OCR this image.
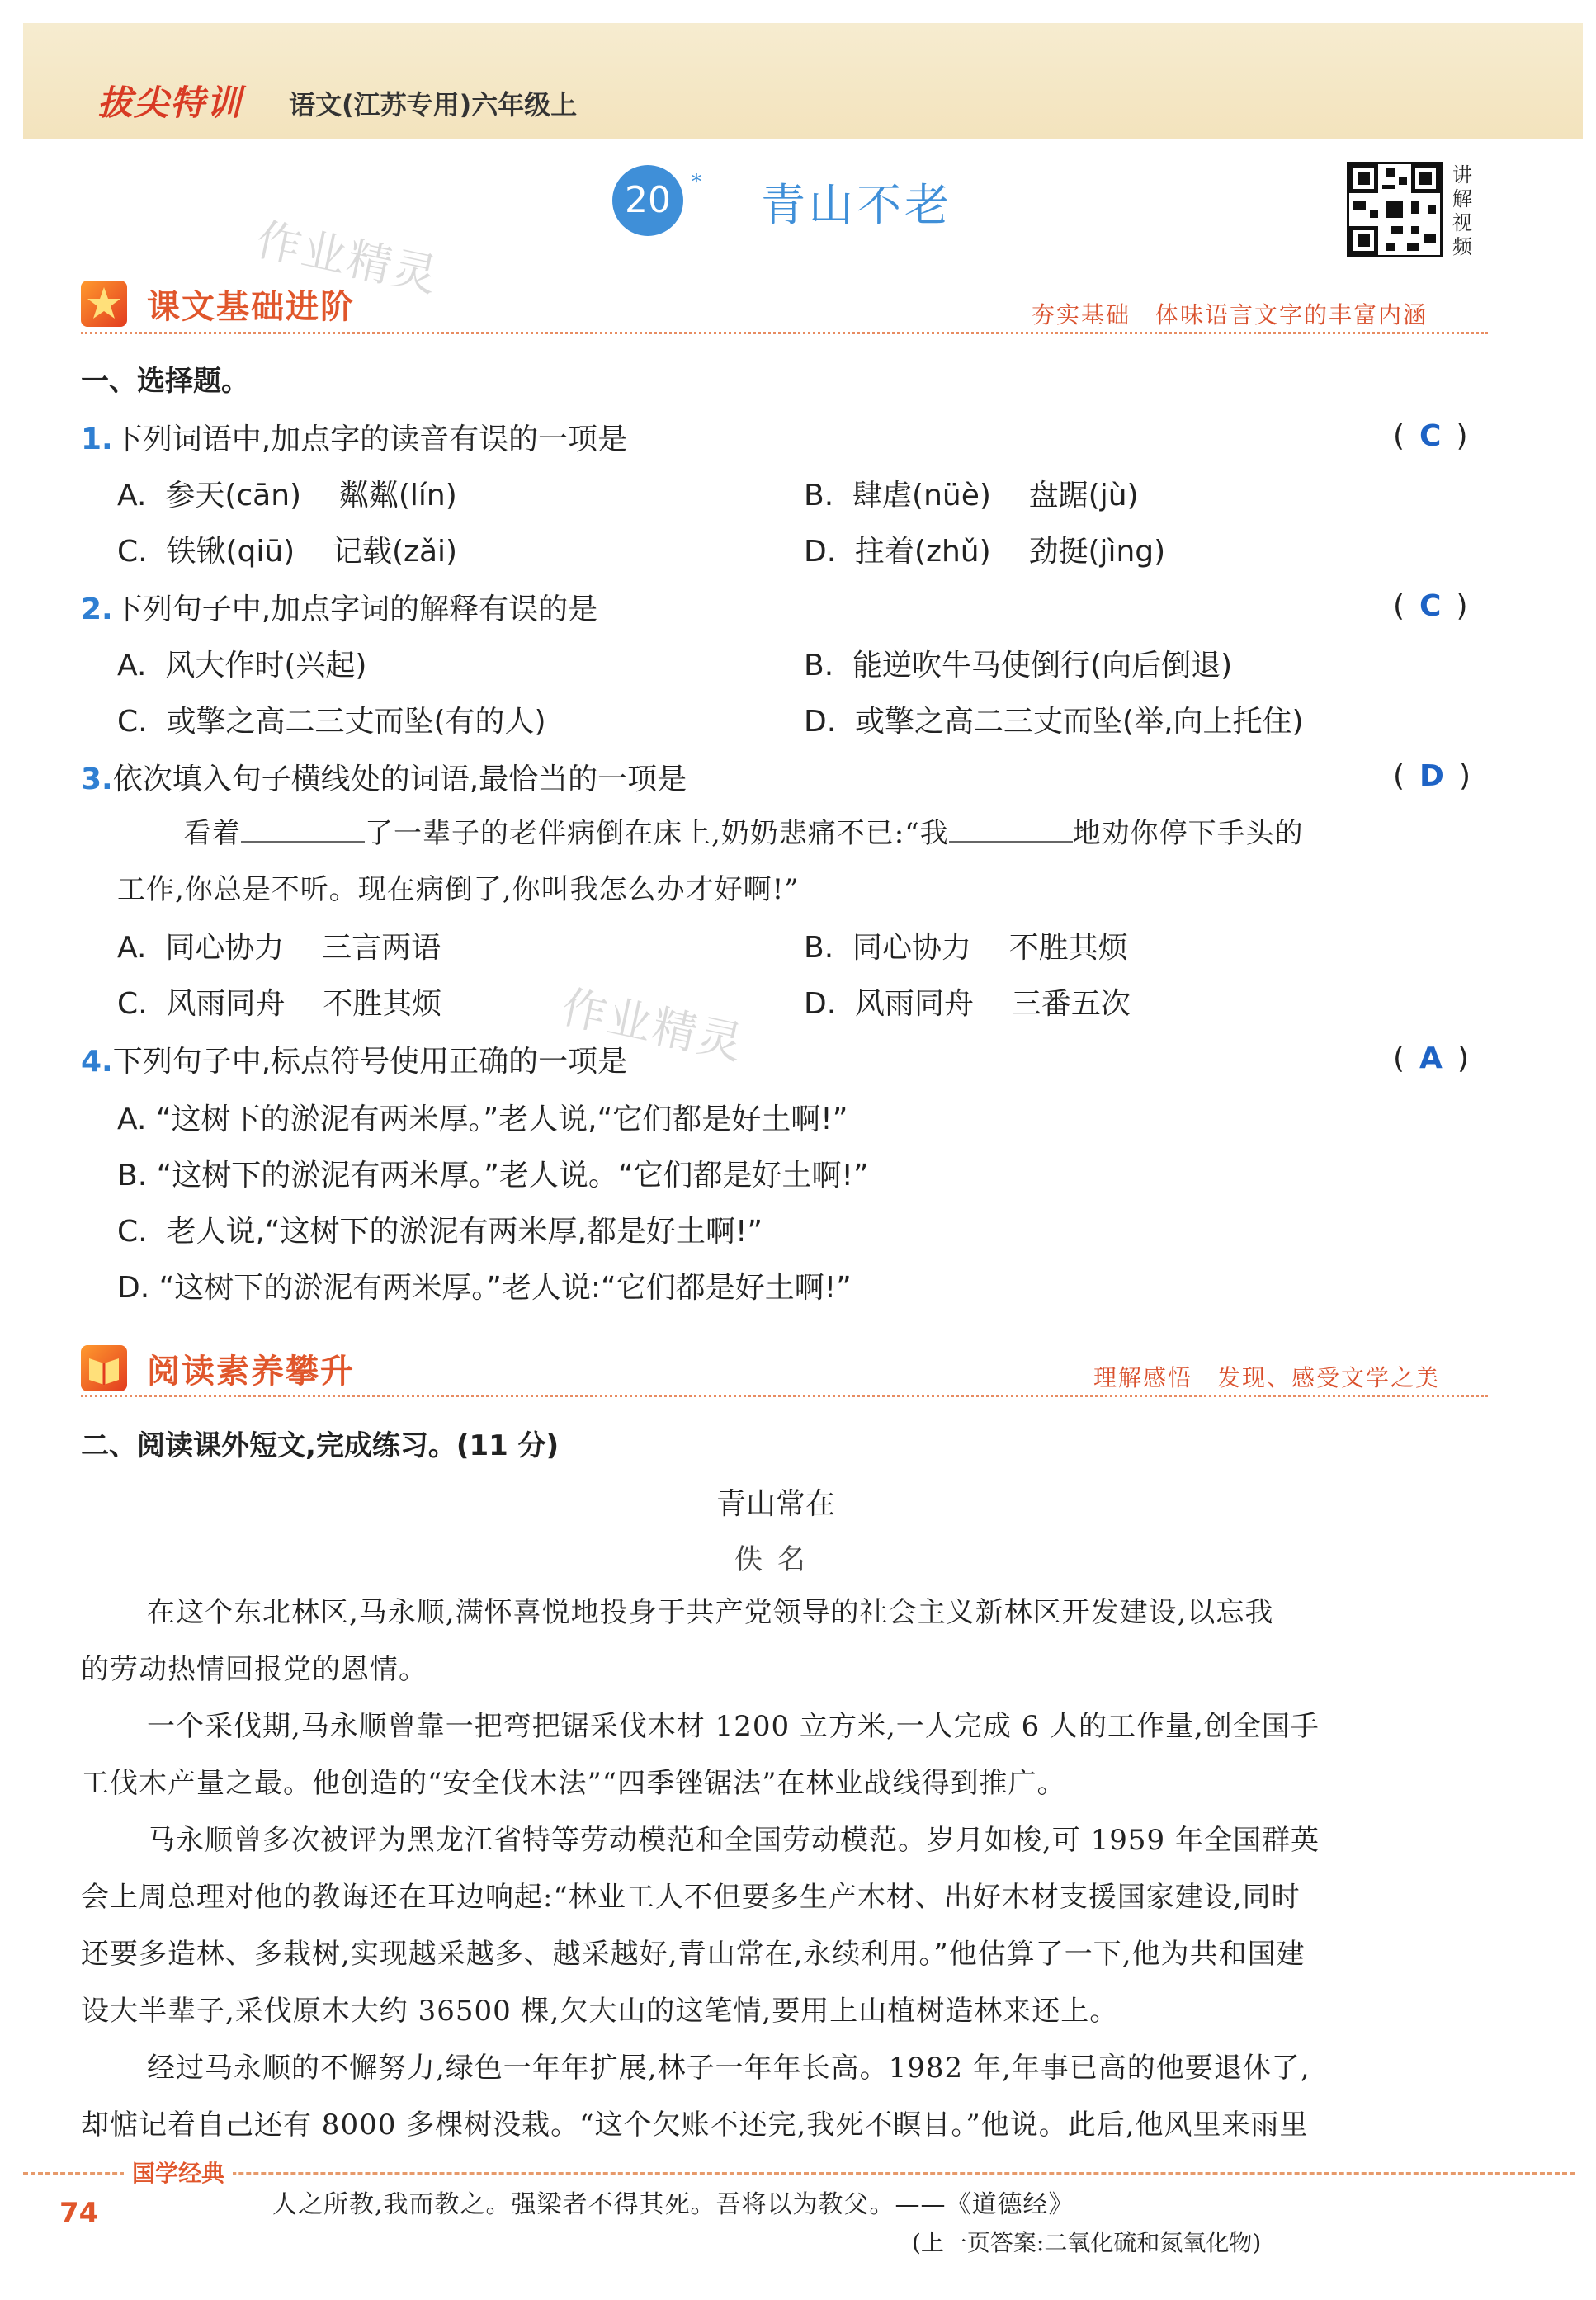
拔尖特训 语文(江苏专用)六年级上
20	* 青山不老
讲解视频
作业精灵
课文基础进阶	夯实基础　体味语言文字的丰富内涵
一、选择题。
1.下列词语中,加点字的读音有误的一项是	( C )
A.  参天(cān)    粼粼(lín)	B.  肆虐(nüè)    盘踞(jù)
C.  铁锹(qiū)    记载(zǎi)	D.  拄着(zhǔ)    劲挺(jìng)
2.下列句子中,加点字词的解释有误的是	( C )
A.  风大作时(兴起)	B.  能逆吹牛马使倒行(向后倒退)
C.  或擎之高二三丈而坠(有的人)	D.  或擎之高二三丈而坠(举,向上托住)
3.依次填入句子横线处的词语,最恰当的一项是	( D )
看着	了一辈子的老伴病倒在床上,奶奶悲痛不已:“我	地劝你停下手头的
工作,你总是不听。现在病倒了,你叫我怎么办才好啊!”
A.  同心协力    三言两语	B.  同心协力    不胜其烦
C.  风雨同舟    不胜其烦	D.  风雨同舟    三番五次
作业精灵
4.下列句子中,标点符号使用正确的一项是	( A )
A. “这树下的淤泥有两米厚。”老人说,“它们都是好土啊!”
B. “这树下的淤泥有两米厚。”老人说。“它们都是好土啊!”
C.  老人说,“这树下的淤泥有两米厚,都是好土啊!”
D. “这树下的淤泥有两米厚。”老人说:“它们都是好土啊!”
阅读素养攀升	理解感悟　发现、感受文学之美
二、阅读课外短文,完成练习。(11 分)
青山常在
佚名
在这个东北林区,马永顺,满怀喜悦地投身于共产党领导的社会主义新林区开发建设,以忘我
的劳动热情回报党的恩情。
一个采伐期,马永顺曾靠一把弯把锯采伐木材 1200 立方米,一人完成 6 人的工作量,创全国手
工伐木产量之最。他创造的“安全伐木法”“四季锉锯法”在林业战线得到推广。
马永顺曾多次被评为黑龙江省特等劳动模范和全国劳动模范。岁月如梭,可 1959 年全国群英
会上周总理对他的教诲还在耳边响起:“林业工人不但要多生产木材、出好木材支援国家建设,同时
还要多造林、多栽树,实现越采越多、越采越好,青山常在,永续利用。”他估算了一下,他为共和国建
设大半辈子,采伐原木大约 36500 棵,欠大山的这笔情,要用上山植树造林来还上。
经过马永顺的不懈努力,绿色一年年扩展,林子一年年长高。1982 年,年事已高的他要退休了,
却惦记着自己还有 8000 多棵树没栽。“这个欠账不还完,我死不瞑目。”他说。此后,他风里来雨里
国学经典
74	人之所教,我而教之。强梁者不得其死。吾将以为教父。——《道德经》
(上一页答案:二氧化硫和氮氧化物)
